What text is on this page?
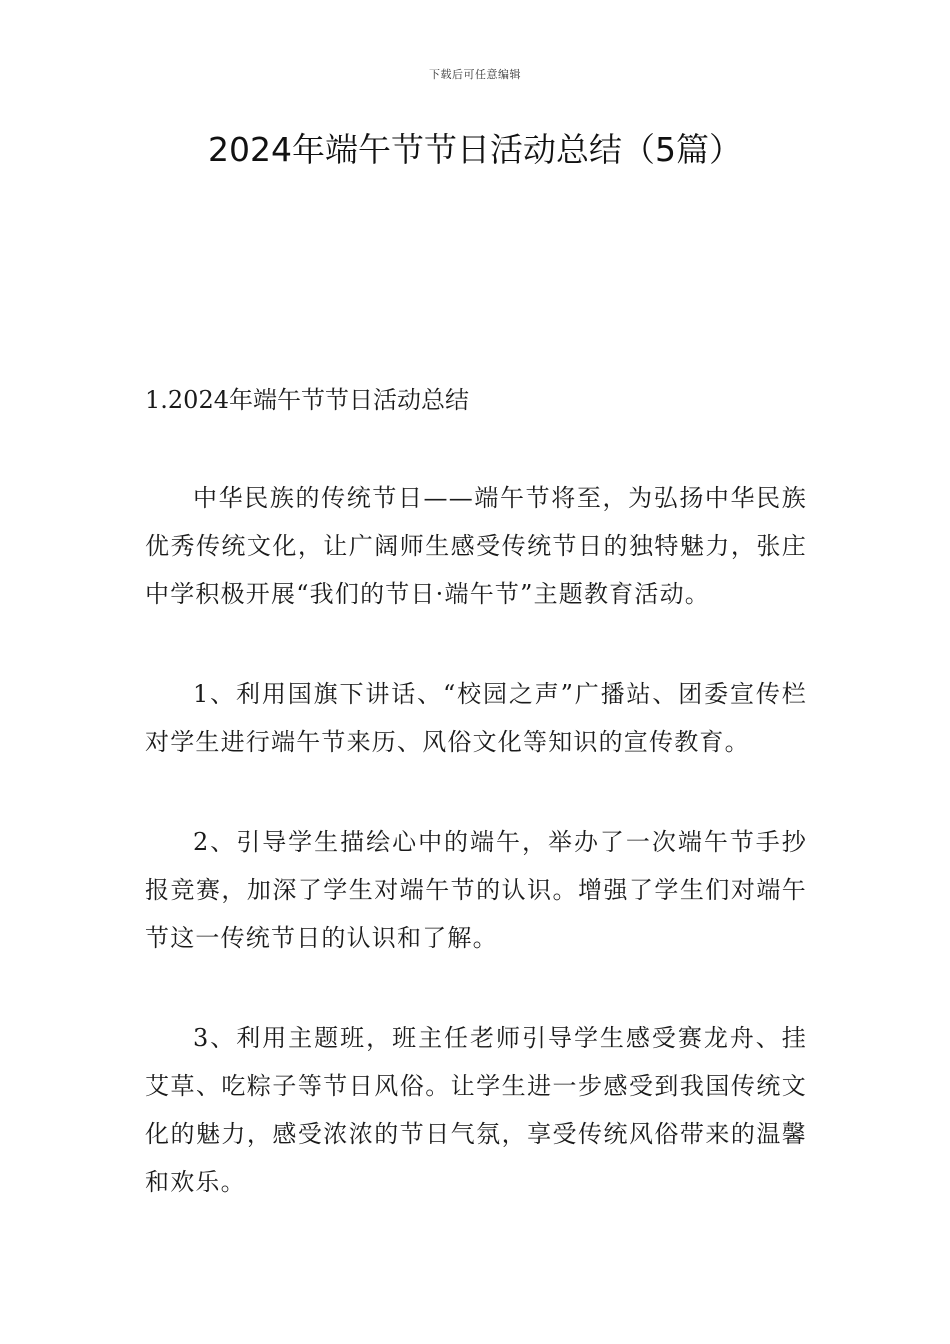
下载后可任意编辑
2024年端午节节日活动总结（5篇）
1.2024年端午节节日活动总结

中华民族的传统节日——端午节将至，为弘扬中华民族优秀传统文化，让广阔师生感受传统节日的独特魅力，张庄中学积极开展“我们的节日·端午节”主题教育活动。

1、利用国旗下讲话、“校园之声”广播站、团委宣传栏对学生进行端午节来历、风俗文化等知识的宣传教育。

2、引导学生描绘心中的端午，举办了一次端午节手抄报竞赛，加深了学生对端午节的认识。增强了学生们对端午节这一传统节日的认识和了解。

3、利用主题班，班主任老师引导学生感受赛龙舟、挂艾草、吃粽子等节日风俗。让学生进一步感受到我国传统文化的魅力，感受浓浓的节日气氛，享受传统风俗带来的温馨和欢乐。
